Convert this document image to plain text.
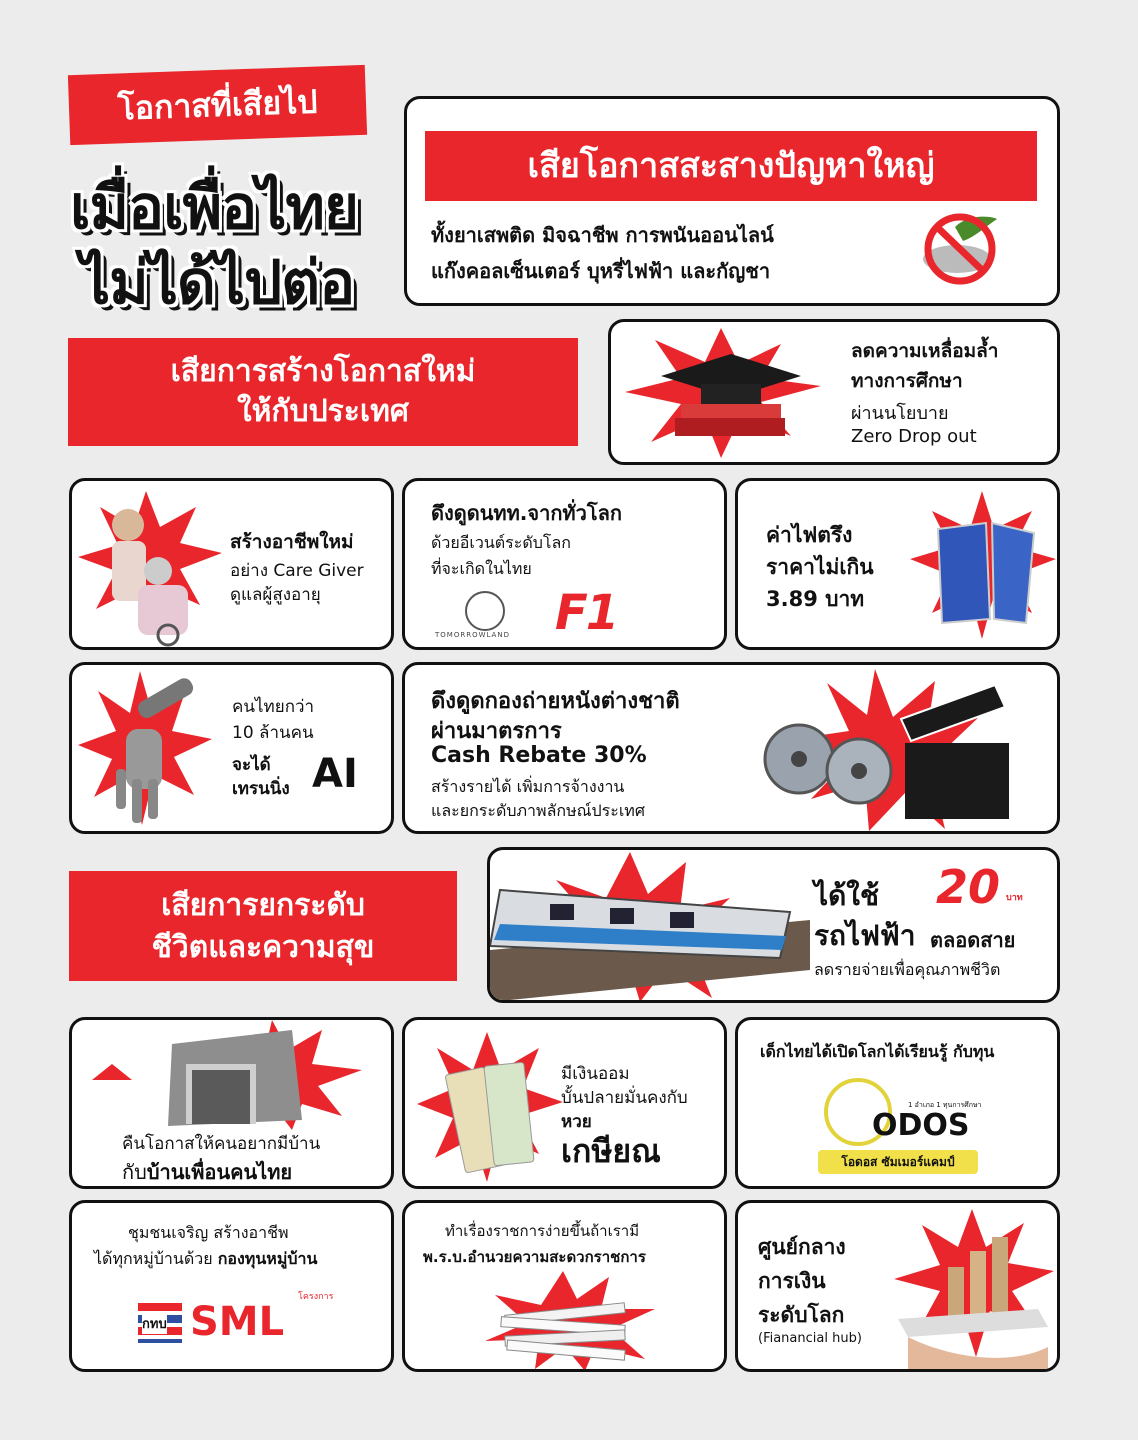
โอกาสที่เสียไป
เมื่อเพื่อไทย
ไม่ได้ไปต่อ
เสียโอกาสสะสางปัญหาใหญ่
ทั้งยาเสพติด มิจฉาชีพ การพนันออนไลน์
แก๊งคอลเซ็นเตอร์ บุหรี่ไฟฟ้า และกัญชา
เสียการสร้างโอกาสใหม่
ให้กับประเทศ
ลดความเหลื่อมล้ำ
ทางการศึกษา
ผ่านนโยบาย
Zero Drop out
สร้างอาชีพใหม่
อย่าง Care Giver
ดูแลผู้สูงอายุ
ดึงดูดนทท.จากทั่วโลก
ด้วยอีเวนต์ระดับโลก
ที่จะเกิดในไทย
TOMORROWLAND F1
ค่าไฟตรึง
ราคาไม่เกิน
3.89 บาท
คนไทยกว่า
10 ล้านคน
จะได้
เทรนนิ่ง AI
ดึงดูดกองถ่ายหนังต่างชาติ
ผ่านมาตรการ
Cash Rebate 30%
สร้างรายได้ เพิ่มการจ้างงาน
และยกระดับภาพลักษณ์ประเทศ
เสียการยกระดับ
ชีวิตและความสุข
ได้ใช้
รถไฟฟ้า
20 บาท
ตลอดสาย
ลดรายจ่ายเพื่อคุณภาพชีวิต
คืนโอกาสให้คนอยากมีบ้าน
กับบ้านเพื่อนคนไทย
มีเงินออม
บั้นปลายมั่นคงกับ
หวย
เกษียณ
เด็กไทยได้เปิดโลกได้เรียนรู้ กับทุน
1 อำเภอ 1 ทุนการศึกษา
ODOS
โอดอส ซัมเมอร์แคมป์
ชุมชนเจริญ สร้างอาชีพ
ได้ทุกหมู่บ้านด้วย กองทุนหมู่บ้าน
กทบ SML
โครงการ
ทำเรื่องราชการง่ายขึ้นถ้าเรามี
พ.ร.บ.อำนวยความสะดวกราชการ	ศูนย์กลาง
การเงิน
ระดับโลก
(Fianancial hub)
